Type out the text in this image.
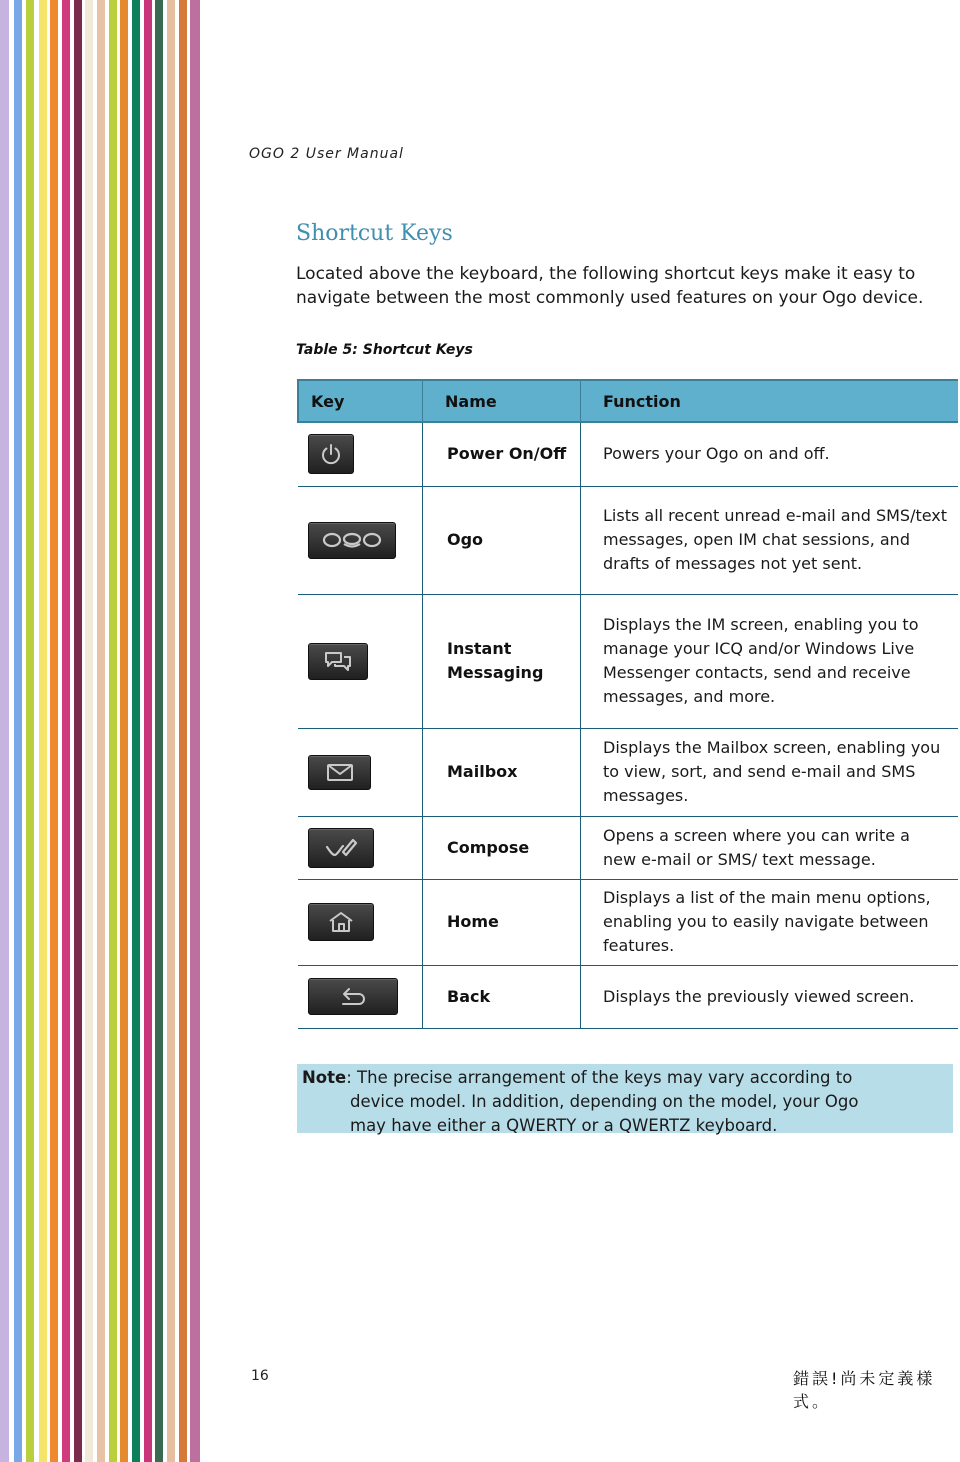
OGO 2 User Manual
Shortcut Keys

Located above the keyboard, the following shortcut keys make it easy to navigate between the most commonly used features on your Ogo device.

Table 5: Shortcut Keys
Key	Name	Function

	Power On/Off	Powers your Ogo on and off.

	Ogo	Lists all recent unread e-mail and SMS/text messages, open IM chat sessions, and drafts of messages not yet sent.

	Instant Messaging	Displays the IM screen, enabling you to manage your ICQ and/or Windows Live Messenger contacts, send and receive messages, and more.

	Mailbox	Displays the Mailbox screen, enabling you to view, sort, and send e-mail and SMS messages.

	Compose	Opens a screen where you can write a new e-mail or SMS/ text message.

	Home	Displays a list of the main menu options, enabling you to easily navigate between features.

	Back	Displays the previously viewed screen.
Note: The precise arrangement of the keys may vary according to
device model. In addition, depending on the model, your Ogo
may have either a QWERTY or a QWERTZ keyboard.
16	錯誤!尚未定義樣式。
